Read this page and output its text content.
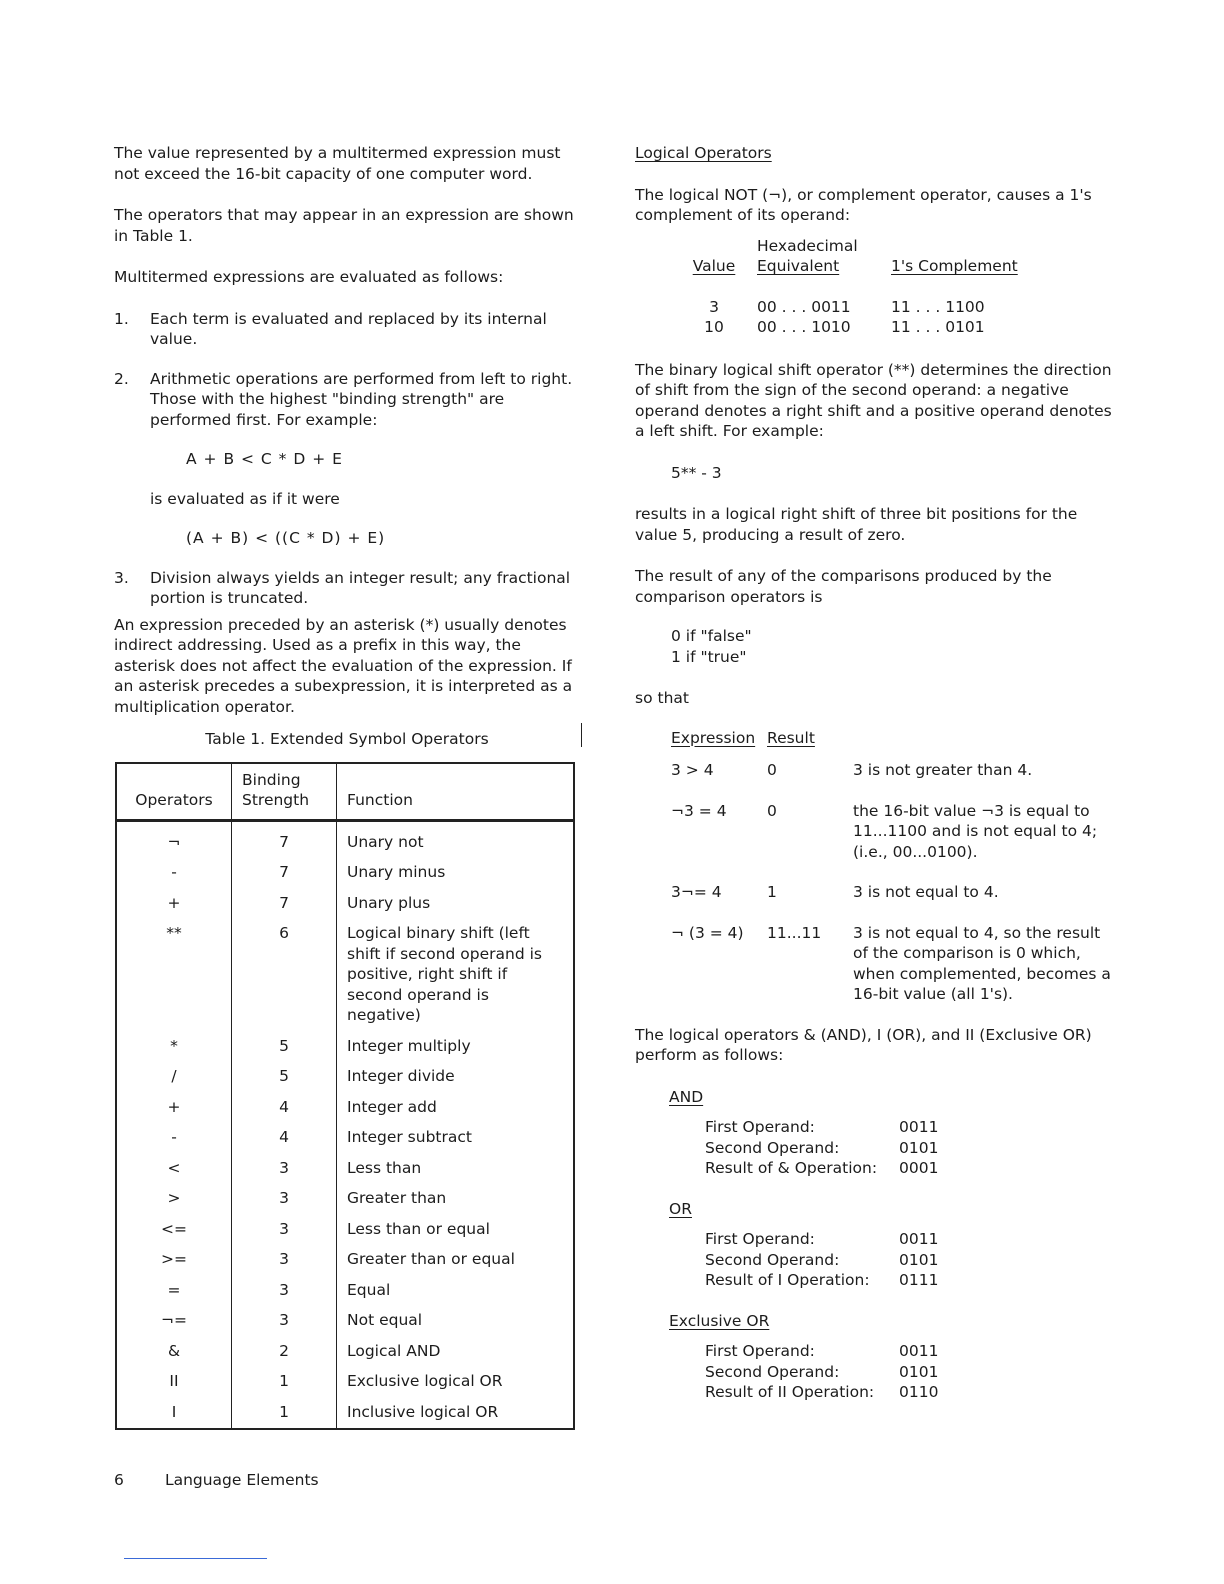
The value represented by a multitermed expression must not exceed the 16-bit capacity of one computer word.

The operators that may appear in an expression are shown in Table 1.

Multitermed expressions are evaluated as follows:

1. Each term is evaluated and replaced by its internal value.
2. Arithmetic operations are performed from left to right. Those with the highest "binding strength" are performed first. For example:

A + B < C * D + E

is evaluated as if it were

(A + B) < ((C * D) + E)

3. Division always yields an integer result; any fractional portion is truncated.

An expression preceded by an asterisk (*) usually denotes indirect addressing. Used as a prefix in this way, the asterisk does not affect the evaluation of the expression. If an asterisk precedes a subexpression, it is interpreted as a multiplication operator.

Table 1. Extended Symbol Operators
Operators	Binding Strength	Function
¬	7	Unary not
-	7	Unary minus
+	7	Unary plus
**	6	Logical binary shift (left shift if second operand is positive, right shift if second operand is negative)
*	5	Integer multiply
/	5	Integer divide
+	4	Integer add
-	4	Integer subtract
<	3	Less than
>	3	Greater than
<=	3	Less than or equal
>=	3	Greater than or equal
=	3	Equal
¬=	3	Not equal
&	2	Logical AND
II	1	Exclusive logical OR
I	1	Inclusive logical OR

Logical Operators

The logical NOT (¬), or complement operator, causes a 1's complement of its operand:

Hexadecimal
Value	Equivalent	1's Complement
3	00 . . . 0011	11 . . . 1100
10	00 . . . 1010	11 . . . 0101

The binary logical shift operator (**) determines the direction of shift from the sign of the second operand: a negative operand denotes a right shift and a positive operand denotes a left shift. For example:

5** - 3

results in a logical right shift of three bit positions for the value 5, producing a result of zero.

The result of any of the comparisons produced by the comparison operators is

0 if "false"
1 if "true"

so that

Expression Result
3 > 4	0	3 is not greater than 4.
¬3 = 4	0	the 16-bit value ¬3 is equal to 11...1100 and is not equal to 4; (i.e., 00...0100).
3¬= 4	1	3 is not equal to 4.
¬ (3 = 4)	11...11	3 is not equal to 4, so the result of the comparison is 0 which, when complemented, becomes a 16-bit value (all 1's).

The logical operators & (AND), I (OR), and II (Exclusive OR) perform as follows:

AND
First Operand:	0011
Second Operand:	0101
Result of & Operation:	0001
OR
First Operand:	0011
Second Operand:	0101
Result of I Operation:	0111
Exclusive OR
First Operand:	0011
Second Operand:	0101
Result of II Operation:	0110
6	Language Elements
